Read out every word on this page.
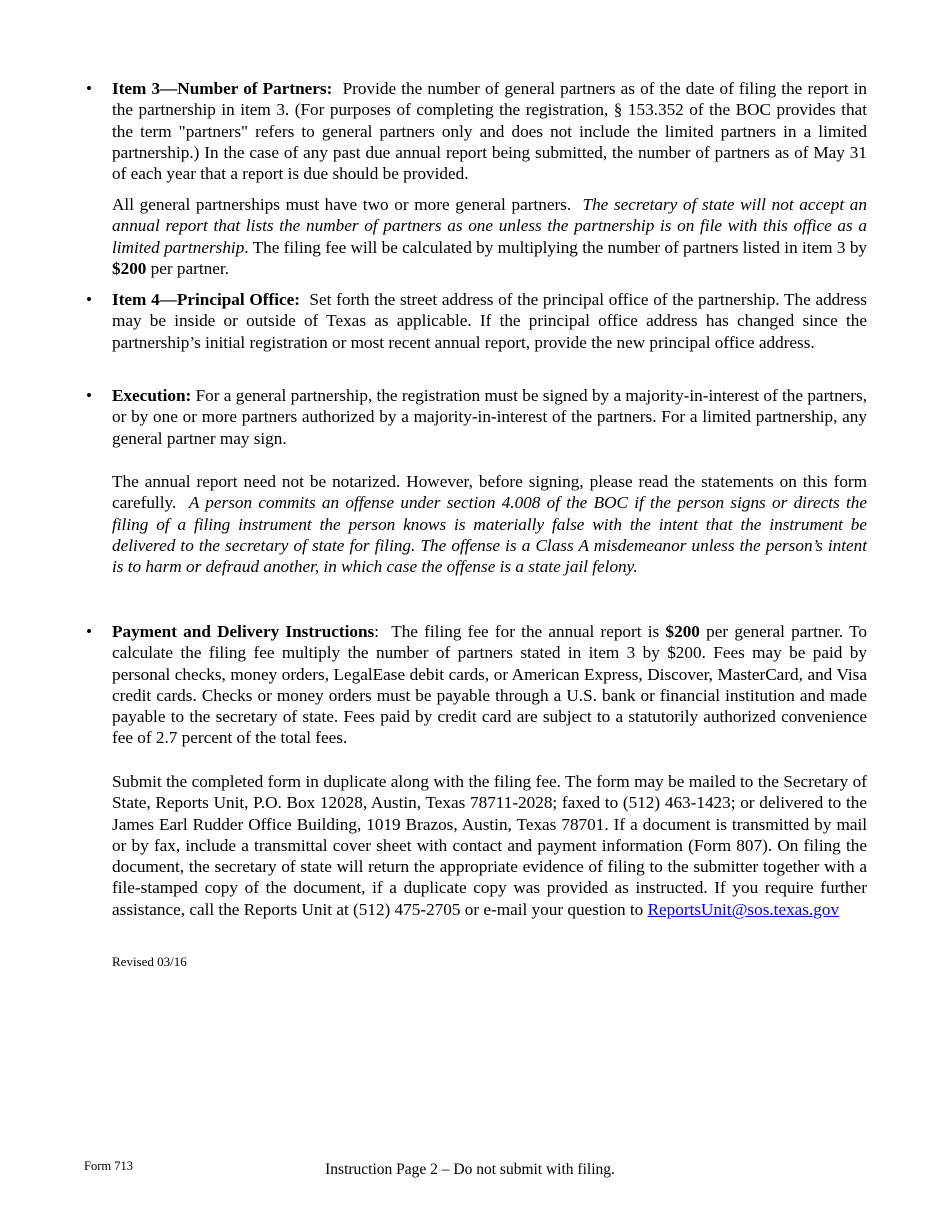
• Item 3—Number of Partners: Provide the number of general partners as of the date of filing the report in the partnership in item 3. (For purposes of completing the registration, § 153.352 of the BOC provides that the term "partners" refers to general partners only and does not include the limited partners in a limited partnership.) In the case of any past due annual report being submitted, the number of partners as of May 31 of each year that a report is due should be provided.
All general partnerships must have two or more general partners. The secretary of state will not accept an annual report that lists the number of partners as one unless the partnership is on file with this office as a limited partnership. The filing fee will be calculated by multiplying the number of partners listed in item 3 by $200 per partner.
• Item 4—Principal Office: Set forth the street address of the principal office of the partnership. The address may be inside or outside of Texas as applicable. If the principal office address has changed since the partnership’s initial registration or most recent annual report, provide the new principal office address.
• Execution: For a general partnership, the registration must be signed by a majority-in-interest of the partners, or by one or more partners authorized by a majority-in-interest of the partners. For a limited partnership, any general partner may sign.
The annual report need not be notarized. However, before signing, please read the statements on this form carefully. A person commits an offense under section 4.008 of the BOC if the person signs or directs the filing of a filing instrument the person knows is materially false with the intent that the instrument be delivered to the secretary of state for filing. The offense is a Class A misdemeanor unless the person’s intent is to harm or defraud another, in which case the offense is a state jail felony.
• Payment and Delivery Instructions: The filing fee for the annual report is $200 per general partner. To calculate the filing fee multiply the number of partners stated in item 3 by $200. Fees may be paid by personal checks, money orders, LegalEase debit cards, or American Express, Discover, MasterCard, and Visa credit cards. Checks or money orders must be payable through a U.S. bank or financial institution and made payable to the secretary of state. Fees paid by credit card are subject to a statutorily authorized convenience fee of 2.7 percent of the total fees.
Submit the completed form in duplicate along with the filing fee. The form may be mailed to the Secretary of State, Reports Unit, P.O. Box 12028, Austin, Texas 78711-2028; faxed to (512) 463-1423; or delivered to the James Earl Rudder Office Building, 1019 Brazos, Austin, Texas 78701. If a document is transmitted by mail or by fax, include a transmittal cover sheet with contact and payment information (Form 807). On filing the document, the secretary of state will return the appropriate evidence of filing to the submitter together with a file-stamped copy of the document, if a duplicate copy was provided as instructed. If you require further assistance, call the Reports Unit at (512) 475-2705 or e-mail your question to ReportsUnit@sos.texas.gov
Revised 03/16
Form 713	Instruction Page 2 – Do not submit with filing.
